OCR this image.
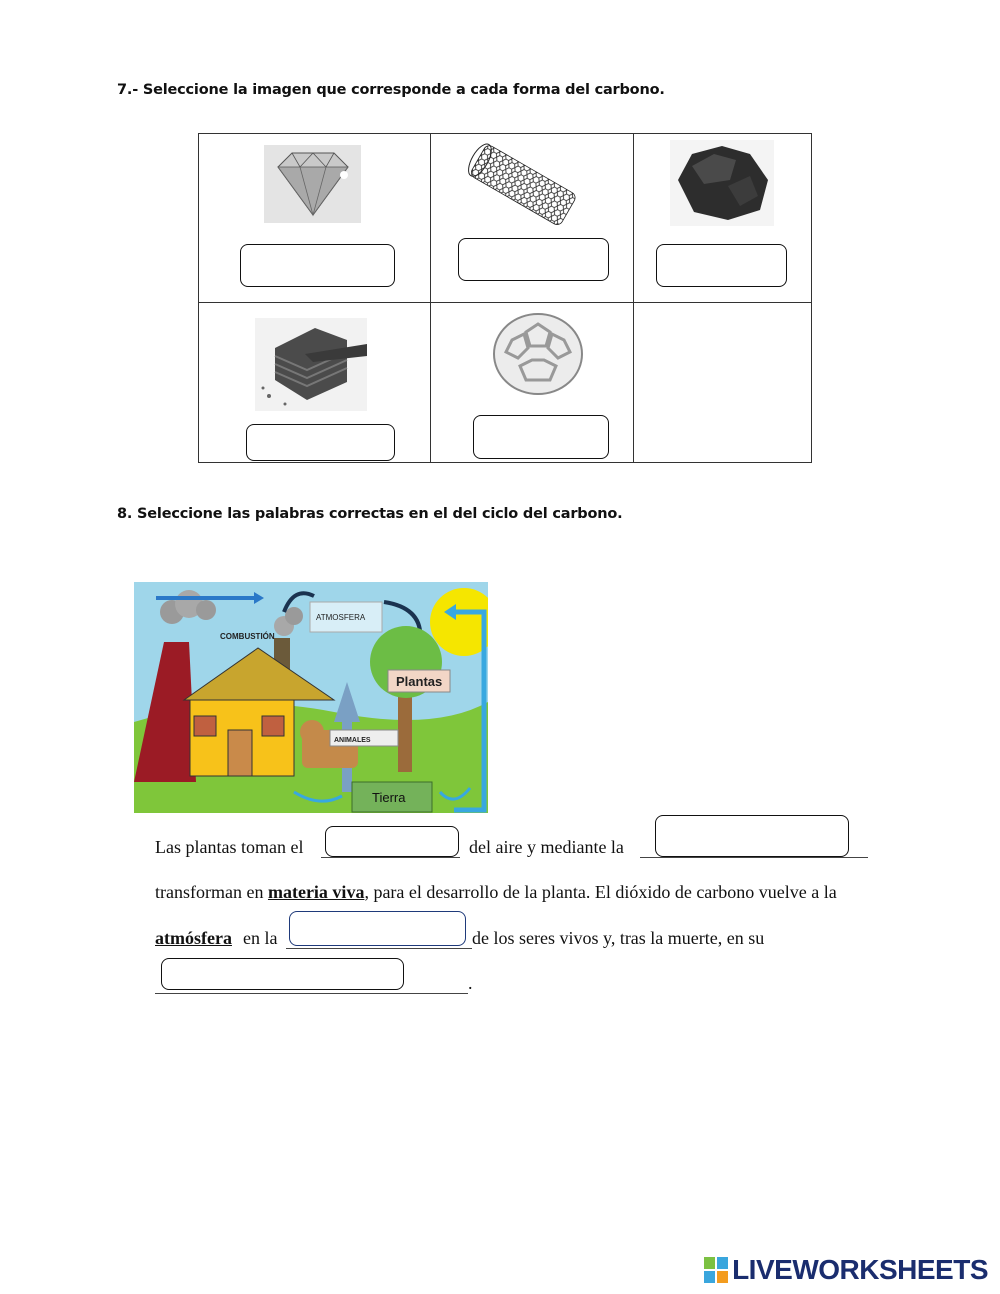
7.- Seleccione la imagen que corresponde a cada forma del carbono.
8. Seleccione las palabras correctas en el del ciclo del carbono.
COMBUSTIÓN
ATMOSFERA
Plantas
ANIMALES
Tierra
Las plantas toman el	del aire y mediante la
transforman en materia viva, para el desarrollo de la planta. El dióxido de carbono vuelve a la
atmósfera en la	de los seres vivos y, tras la muerte, en su
.
LIVEWORKSHEETS
